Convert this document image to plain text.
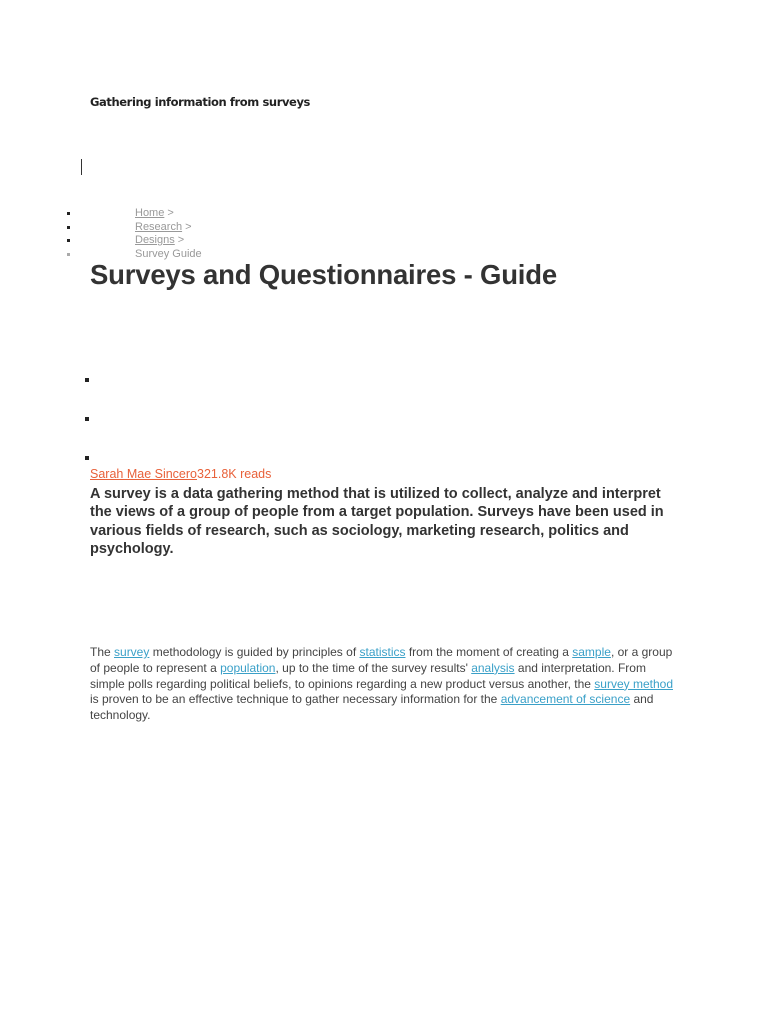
Gathering information from surveys
Home >
Research >
Designs >
Survey Guide
Surveys and Questionnaires - Guide
Sarah Mae Sincero321.8K reads

A survey is a data gathering method that is utilized to collect, analyze and interpret the views of a group of people from a target population. Surveys have been used in various fields of research, such as sociology, marketing research, politics and psychology.

The survey methodology is guided by principles of statistics from the moment of creating a sample, or a group of people to represent a population, up to the time of the survey results' analysis and interpretation. From simple polls regarding political beliefs, to opinions regarding a new product versus another, the survey method is proven to be an effective technique to gather necessary information for the advancement of science and technology.
